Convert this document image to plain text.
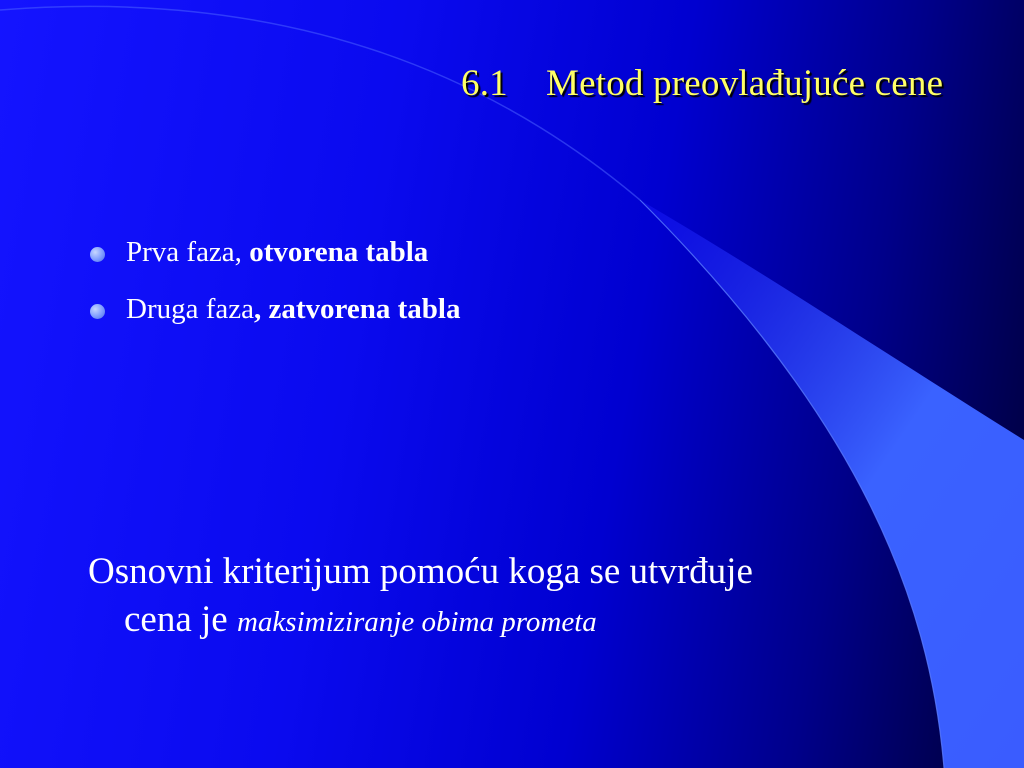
6.1 Metod preovlađujuće cene
Prva faza, otvorena tabla
Druga faza, zatvorena tabla
Osnovni kriterijum pomoću koga se utvrđuje
cena je maksimiziranje obima prometa
